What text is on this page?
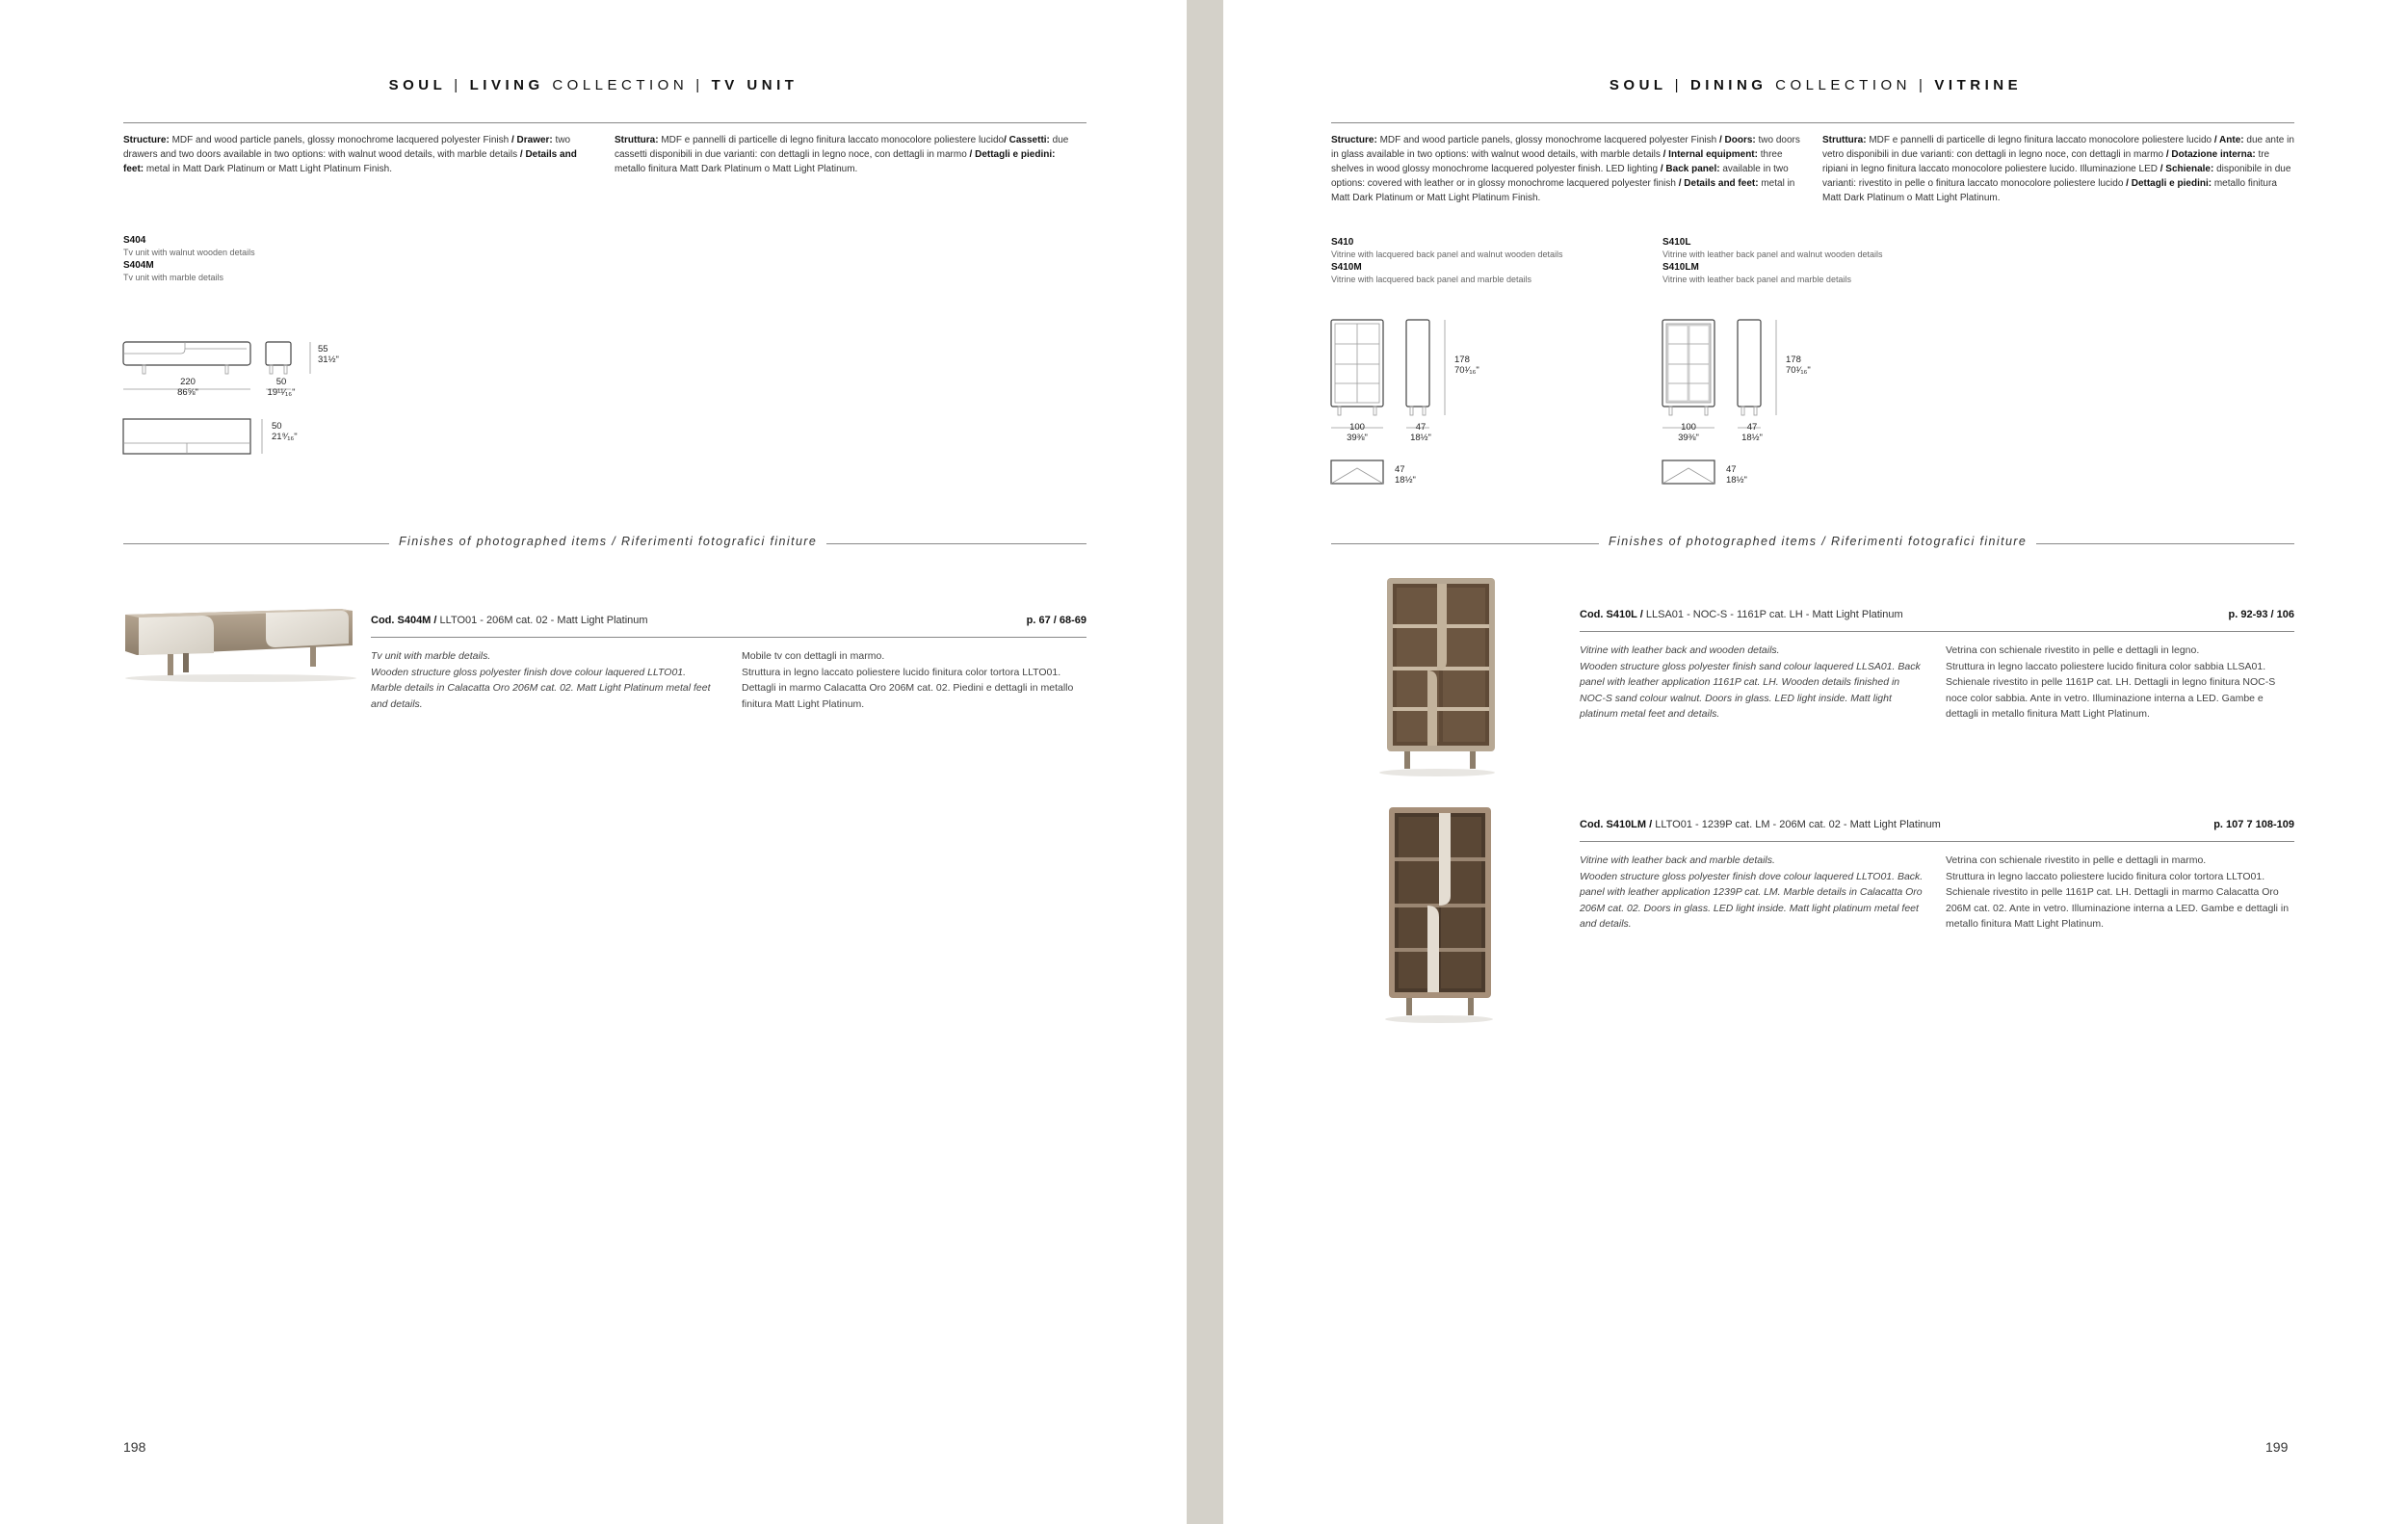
SOUL | LIVING COLLECTION | TV UNIT
Structure: MDF and wood particle panels, glossy monochrome lacquered polyester Finish / Drawer: two drawers and two doors available in two options: with walnut wood details, with marble details / Details and feet: metal in Matt Dark Platinum or Matt Light Platinum Finish.
Struttura: MDF e pannelli di particelle di legno finitura laccato monocolore poliestere lucido/ Cassetti: due cassetti disponibili in due varianti: con dettagli in legno noce, con dettagli in marmo / Dettagli e piedini: metallo finitura Matt Dark Platinum o Matt Light Platinum.
S404
Tv unit with walnut wooden details
S404M
Tv unit with marble details
220
86⅝"
50
19¹¹⁄₁₆"
55
31½"
50
21⁹⁄₁₆"
Finishes of photographed items / Riferimenti fotografici finiture
Cod. S404M / LLTO01 - 206M cat. 02 - Matt Light Platinum	p. 67 / 68-69
Tv unit with marble details.
Wooden structure gloss polyester finish dove colour laquered LLTO01. Marble details in Calacatta Oro 206M cat. 02. Matt Light Platinum metal feet and details.
Mobile tv con dettagli in marmo.
Struttura in legno laccato poliestere lucido finitura color tortora LLTO01. Dettagli in marmo Calacatta Oro 206M cat. 02. Piedini e dettagli in metallo finitura Matt Light Platinum.
198
SOUL | DINING COLLECTION | VITRINE
Structure: MDF and wood particle panels, glossy monochrome lacquered polyester Finish / Doors: two doors in glass available in two options: with walnut wood details, with marble details / Internal equipment: three shelves in wood glossy monochrome lacquered polyester finish. LED lighting / Back panel: available in two options: covered with leather or in glossy monochrome lacquered polyester finish / Details and feet: metal in Matt Dark Platinum or Matt Light Platinum Finish.
Struttura: MDF e pannelli di particelle di legno finitura laccato monocolore poliestere lucido / Ante: due ante in vetro disponibili in due varianti: con dettagli in legno noce, con dettagli in marmo / Dotazione interna: tre ripiani in legno finitura laccato monocolore poliestere lucido. Illuminazione LED / Schienale: disponibile in due varianti: rivestito in pelle o finitura laccato monocolore poliestere lucido / Dettagli e piedini: metallo finitura Matt Dark Platinum o Matt Light Platinum.
S410
Vitrine with lacquered back panel and walnut wooden details
S410M
Vitrine with lacquered back panel and marble details
S410L
Vitrine with leather back panel and walnut wooden details
S410LM
Vitrine with leather back panel and marble details
100
39⅜"
47
18½"
178
70¹⁄₁₆"
47
18½"
100
39⅜"
47
18½"
178
70¹⁄₁₆"
47
18½"
Finishes of photographed items / Riferimenti fotografici finiture
Cod. S410L / LLSA01 - NOC-S - 1161P cat. LH - Matt Light Platinum	p. 92-93 / 106
Vitrine with leather back and wooden details.
Wooden structure gloss polyester finish sand colour laquered LLSA01. Back panel with leather application 1161P cat. LH. Wooden details finished in NOC-S sand colour walnut. Doors in glass. LED light inside. Matt light platinum metal feet and details.
Vetrina con schienale rivestito in pelle e dettagli in legno.
Struttura in legno laccato poliestere lucido finitura color sabbia LLSA01. Schienale rivestito in pelle 1161P cat. LH. Dettagli in legno finitura NOC-S noce color sabbia. Ante in vetro. Illuminazione interna a LED. Gambe e dettagli in metallo finitura Matt Light Platinum.
Cod. S410LM / LLTO01 - 1239P cat. LM - 206M cat. 02 - Matt Light Platinum	p. 107 7 108-109
Vitrine with leather back and marble details.
Wooden structure gloss polyester finish dove colour laquered LLTO01. Back. panel with leather application 1239P cat. LM. Marble details in Calacatta Oro 206M cat. 02. Doors in glass. LED light inside. Matt light platinum metal feet and details.
Vetrina con schienale rivestito in pelle e dettagli in marmo.
Struttura in legno laccato poliestere lucido finitura color tortora LLTO01. Schienale rivestito in pelle 1161P cat. LH. Dettagli in marmo Calacatta Oro 206M cat. 02. Ante in vetro. Illuminazione interna a LED. Gambe e dettagli in metallo finitura Matt Light Platinum.
199
